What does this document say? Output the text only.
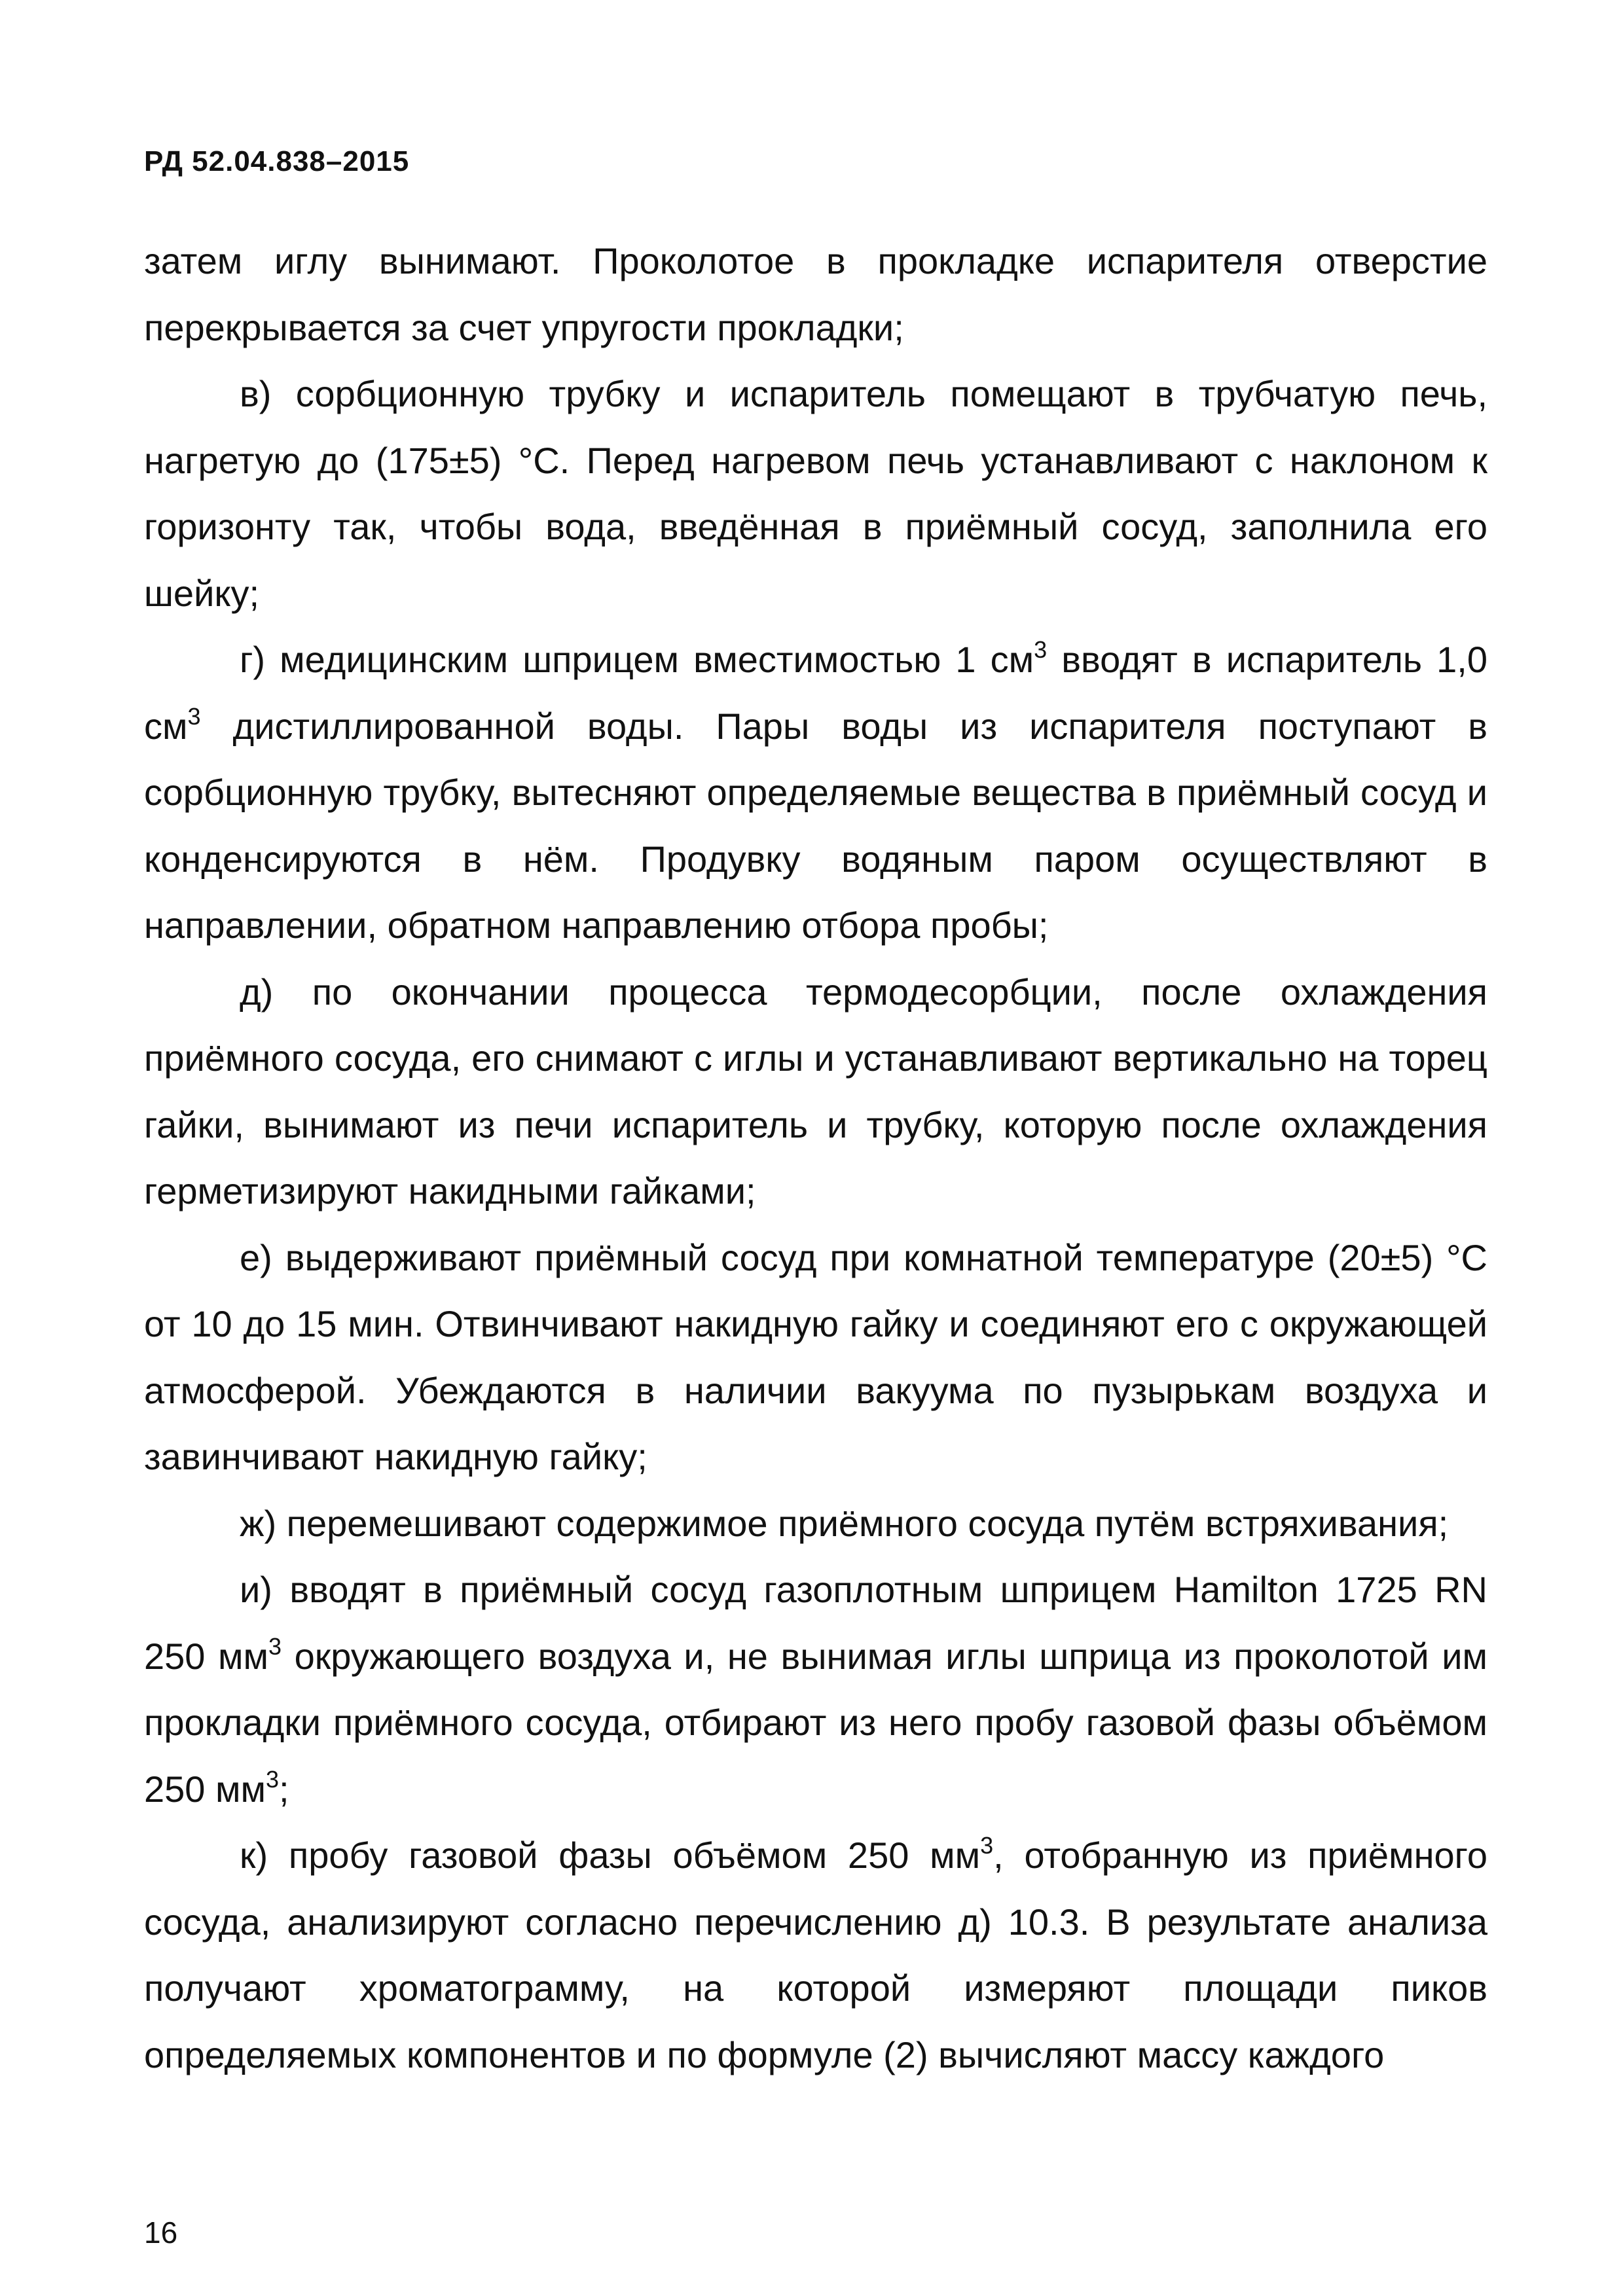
РД 52.04.838–2015

затем иглу вынимают. Проколотое в прокладке испарителя отверстие перекрывается за счет упругости прокладки;

в) сорбционную трубку и испаритель помещают в трубчатую печь, нагретую до (175±5) °С. Перед нагревом печь устанавливают с наклоном к горизонту так, чтобы вода, введённая в приёмный сосуд, заполнила его шейку;

г) медицинским шприцем вместимостью 1 $см^3$ вводят в испаритель 1,0 $см^3$ дистиллированной воды. Пары воды из испарителя поступают в сорбционную трубку, вытесняют определяемые вещества в приёмный сосуд и конденсируются в нём. Продувку водяным паром осуществляют в направлении, обратном направлению отбора пробы;

д) по окончании процесса термодесорбции, после охлаждения приёмного сосуда, его снимают с иглы и устанавливают вертикально на торец гайки, вынимают из печи испаритель и трубку, которую после охлаждения герметизируют накидными гайками;

е) выдерживают приёмный сосуд при комнатной температуре (20±5) °С от 10 до 15 мин. Отвинчивают накидную гайку и соединяют его с окружающей атмосферой. Убеждаются в наличии вакуума по пузырькам воздуха и завинчивают накидную гайку;

ж) перемешивают содержимое приёмного сосуда путём встряхивания;

и) вводят в приёмный сосуд газоплотным шприцем Hamilton 1725 RN 250 $мм^3$ окружающего воздуха и, не вынимая иглы шприца из проколотой им прокладки приёмного сосуда, отбирают из него пробу газовой фазы объёмом 250 $мм^3$;

к) пробу газовой фазы объёмом 250 $мм^3$, отобранную из приёмного сосуда, анализируют согласно перечислению д) 10.3. В результате анализа получают хроматограмму, на которой измеряют площади пиков определяемых компонентов и по формуле (2) вычисляют массу каждого

16
